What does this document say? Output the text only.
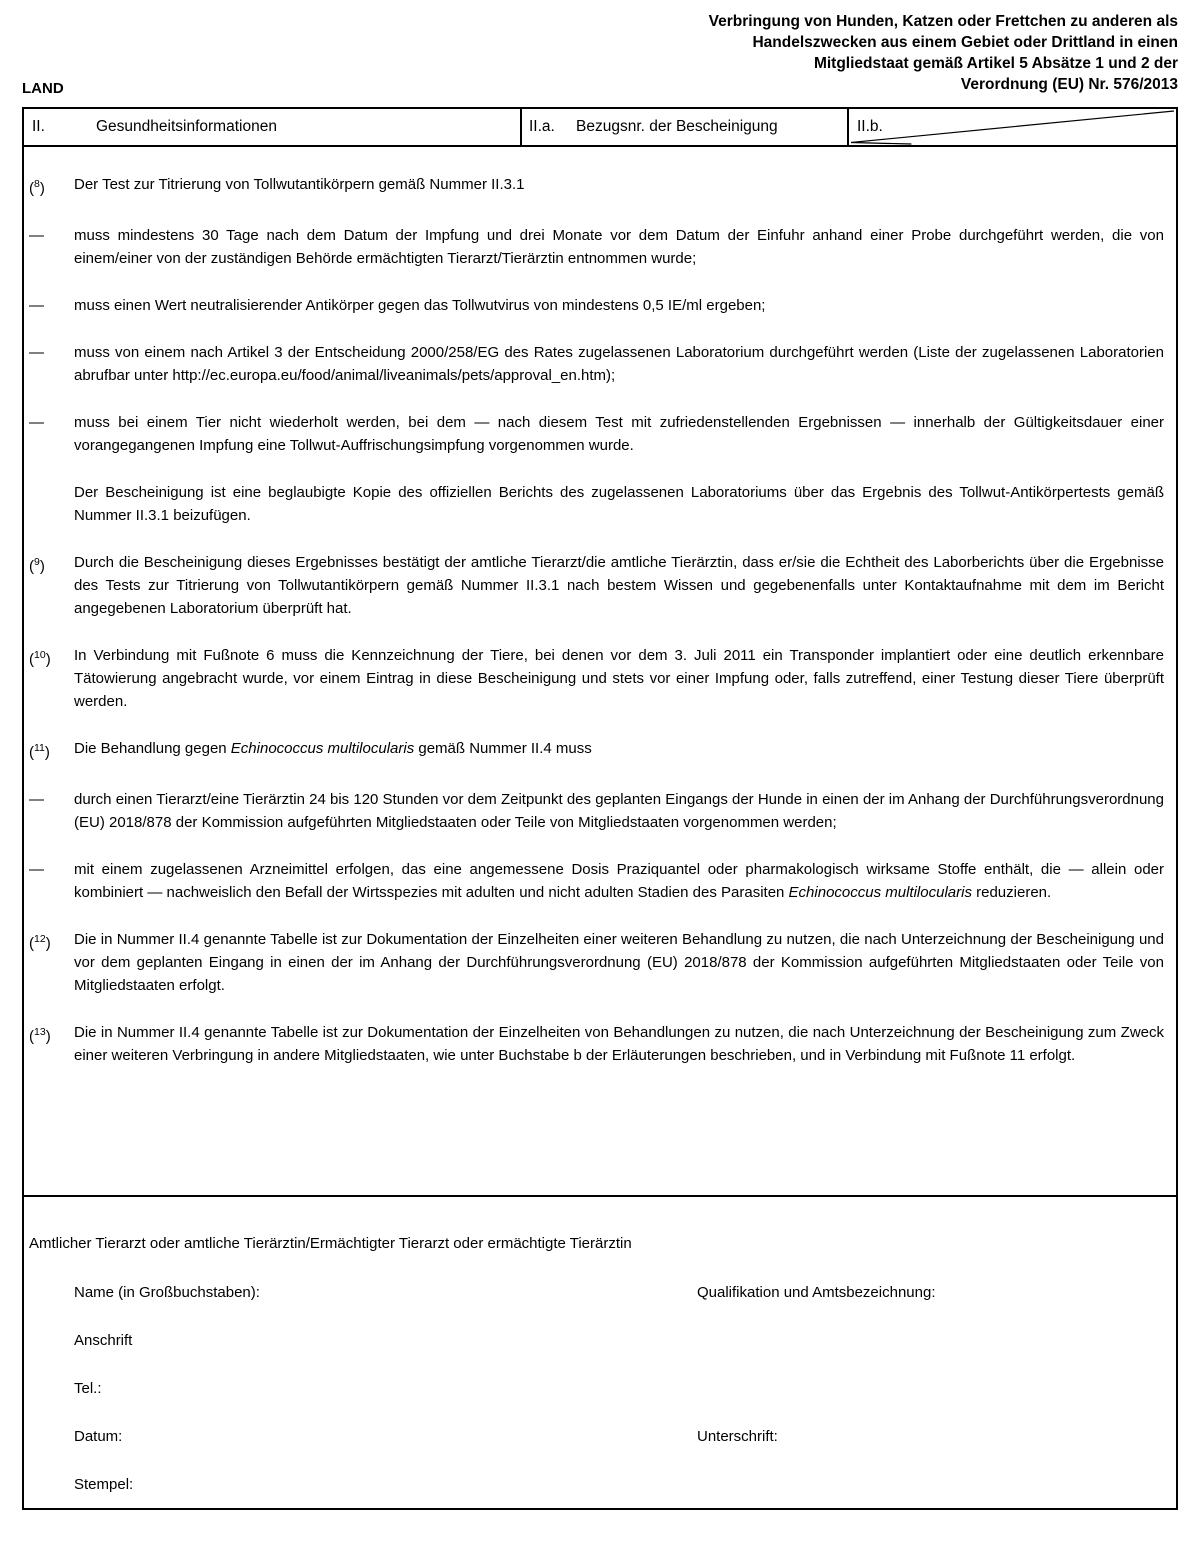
Verbringung von Hunden, Katzen oder Frettchen zu anderen als
Handelszwecken aus einem Gebiet oder Drittland in einen
Mitgliedstaat gemäß Artikel 5 Absätze 1 und 2 der
Verordnung (EU) Nr. 576/2013
LAND
II.	Gesundheitsinformationen	II.a.	Bezugsnr. der Bescheinigung	II.b.
($^8$)	Der Test zur Titrierung von Tollwutantikörpern gemäß Nummer II.3.1
—	muss mindestens 30 Tage nach dem Datum der Impfung und drei Monate vor dem Datum der Einfuhr anhand einer Probe durchgeführt werden, die von einem/einer von der zuständigen Behörde ermächtigten Tierarzt/Tierärztin entnommen wurde;
—	muss einen Wert neutralisierender Antikörper gegen das Tollwutvirus von mindestens 0,5 IE/ml ergeben;
—	muss von einem nach Artikel 3 der Entscheidung 2000/258/EG des Rates zugelassenen Laboratorium durchgeführt werden (Liste der zugelassenen Laboratorien abrufbar unter http://ec.europa.eu/food/animal/liveanimals/pets/approval_en.htm);
—	muss bei einem Tier nicht wiederholt werden, bei dem — nach diesem Test mit zufriedenstellenden Ergebnissen — innerhalb der Gültigkeitsdauer einer vorangegangenen Impfung eine Tollwut-Auffrischungsimpfung vorgenommen wurde.
Der Bescheinigung ist eine beglaubigte Kopie des offiziellen Berichts des zugelassenen Laboratoriums über das Ergebnis des Tollwut-Antikörpertests gemäß Nummer II.3.1 beizufügen.
($^9$)	Durch die Bescheinigung dieses Ergebnisses bestätigt der amtliche Tierarzt/die amtliche Tierärztin, dass er/sie die Echtheit des Laborberichts über die Ergebnisse des Tests zur Titrierung von Tollwutantikörpern gemäß Nummer II.3.1 nach bestem Wissen und gegebenenfalls unter Kontaktaufnahme mit dem im Bericht angegebenen Laboratorium überprüft hat.
($^{10}$)	In Verbindung mit Fußnote 6 muss die Kennzeichnung der Tiere, bei denen vor dem 3. Juli 2011 ein Transponder implantiert oder eine deutlich erkennbare Tätowierung angebracht wurde, vor einem Eintrag in diese Bescheinigung und stets vor einer Impfung oder, falls zutreffend, einer Testung dieser Tiere überprüft werden.
($^{11}$)	Die Behandlung gegen Echinococcus multilocularis gemäß Nummer II.4 muss
—	durch einen Tierarzt/eine Tierärztin 24 bis 120 Stunden vor dem Zeitpunkt des geplanten Eingangs der Hunde in einen der im Anhang der Durchführungsverordnung (EU) 2018/878 der Kommission aufgeführten Mitgliedstaaten oder Teile von Mitgliedstaaten vorgenommen werden;
—	mit einem zugelassenen Arzneimittel erfolgen, das eine angemessene Dosis Praziquantel oder pharmakologisch wirksame Stoffe enthält, die — allein oder kombiniert — nachweislich den Befall der Wirtsspezies mit adulten und nicht adulten Stadien des Parasiten Echinococcus multilocularis reduzieren.
($^{12}$)	Die in Nummer II.4 genannte Tabelle ist zur Dokumentation der Einzelheiten einer weiteren Behandlung zu nutzen, die nach Unterzeichnung der Bescheinigung und vor dem geplanten Eingang in einen der im Anhang der Durchführungsverordnung (EU) 2018/878 der Kommission aufgeführten Mitgliedstaaten oder Teile von Mitgliedstaaten erfolgt.
($^{13}$)	Die in Nummer II.4 genannte Tabelle ist zur Dokumentation der Einzelheiten von Behandlungen zu nutzen, die nach Unterzeichnung der Bescheinigung zum Zweck einer weiteren Verbringung in andere Mitgliedstaaten, wie unter Buchstabe b der Erläuterungen beschrieben, und in Verbindung mit Fußnote 11 erfolgt.
Amtlicher Tierarzt oder amtliche Tierärztin/Ermächtigter Tierarzt oder ermächtigte Tierärztin
Name (in Großbuchstaben):	Qualifikation und Amtsbezeichnung:
Anschrift
Tel.:
Datum:	Unterschrift:
Stempel:
